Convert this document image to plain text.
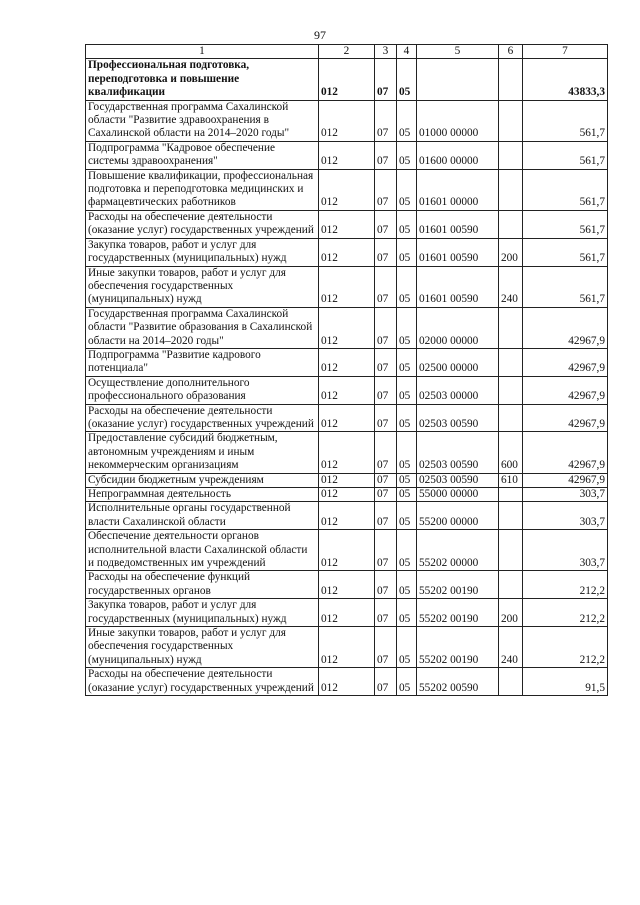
97
1	2	3	4	5	6	7
Профессиональная подготовка, переподготовка и повышение квалификации	012	07	05			43833,3
Государственная программа Сахалинской области "Развитие здравоохранения в Сахалинской области на 2014–2020 годы"	012	07	05	01000 00000		561,7
Подпрограмма "Кадровое обеспечение системы здравоохранения"	012	07	05	01600 00000		561,7
Повышение квалификации, профессиональная подготовка и переподготовка медицинских и фармацевтических работников	012	07	05	01601 00000		561,7
Расходы на обеспечение деятельности (оказание услуг) государственных учреждений	012	07	05	01601 00590		561,7
Закупка товаров, работ и услуг для государственных (муниципальных) нужд	012	07	05	01601 00590	200	561,7
Иные закупки товаров, работ и услуг для обеспечения государственных (муниципальных) нужд	012	07	05	01601 00590	240	561,7
Государственная программа Сахалинской области "Развитие образования в Сахалинской области на 2014–2020 годы"	012	07	05	02000 00000		42967,9
Подпрограмма "Развитие кадрового потенциала"	012	07	05	02500 00000		42967,9
Осуществление дополнительного профессионального образования	012	07	05	02503 00000		42967,9
Расходы на обеспечение деятельности (оказание услуг) государственных учреждений	012	07	05	02503 00590		42967,9
Предоставление субсидий бюджетным, автономным учреждениям и иным некоммерческим организациям	012	07	05	02503 00590	600	42967,9
Субсидии бюджетным учреждениям	012	07	05	02503 00590	610	42967,9
Непрограммная деятельность	012	07	05	55000 00000		303,7
Исполнительные органы государственной власти Сахалинской области	012	07	05	55200 00000		303,7
Обеспечение деятельности органов исполнительной власти Сахалинской области и подведомственных им учреждений	012	07	05	55202 00000		303,7
Расходы на обеспечение функций государственных органов	012	07	05	55202 00190		212,2
Закупка товаров, работ и услуг для государственных (муниципальных) нужд	012	07	05	55202 00190	200	212,2
Иные закупки товаров, работ и услуг для обеспечения государственных (муниципальных) нужд	012	07	05	55202 00190	240	212,2
Расходы на обеспечение деятельности (оказание услуг) государственных учреждений	012	07	05	55202 00590		91,5
